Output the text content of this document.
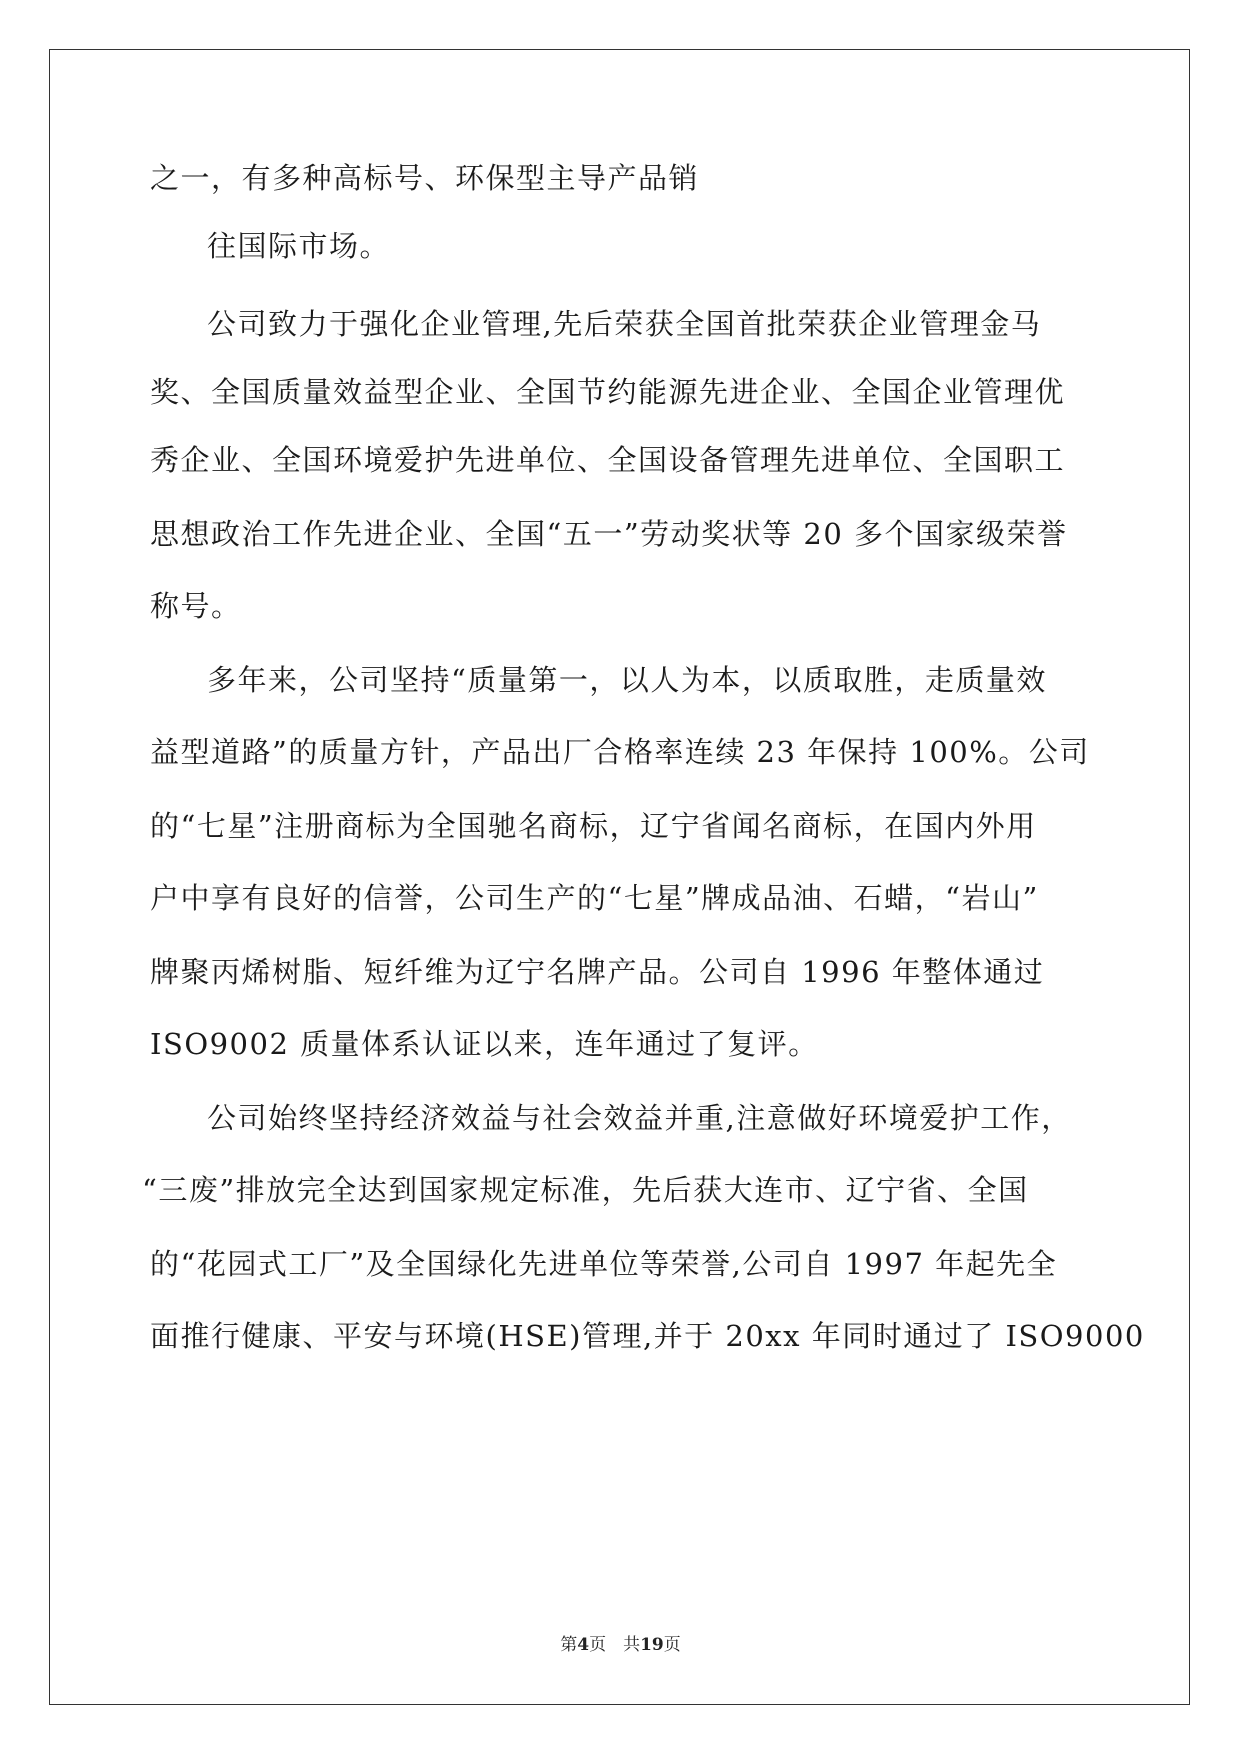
之一，有多种高标号、环保型主导产品销
往国际市场。
公司致力于强化企业管理,先后荣获全国首批荣获企业管理金马
奖、全国质量效益型企业、全国节约能源先进企业、全国企业管理优
秀企业、全国环境爱护先进单位、全国设备管理先进单位、全国职工
思想政治工作先进企业、全国“五一”劳动奖状等 20 多个国家级荣誉
称号。
多年来，公司坚持“质量第一，以人为本，以质取胜，走质量效
益型道路”的质量方针，产品出厂合格率连续 23 年保持 100%。公司
的“七星”注册商标为全国驰名商标，辽宁省闻名商标，在国内外用
户中享有良好的信誉，公司生产的“七星”牌成品油、石蜡，“岩山”
牌聚丙烯树脂、短纤维为辽宁名牌产品。公司自 1996 年整体通过
ISO9002 质量体系认证以来，连年通过了复评。
公司始终坚持经济效益与社会效益并重,注意做好环境爱护工作，
“三废”排放完全达到国家规定标准，先后获大连市、辽宁省、全国
的“花园式工厂”及全国绿化先进单位等荣誉,公司自 1997 年起先全
面推行健康、平安与环境(HSE)管理,并于 20xx 年同时通过了 ISO9000
第4页　共19页
